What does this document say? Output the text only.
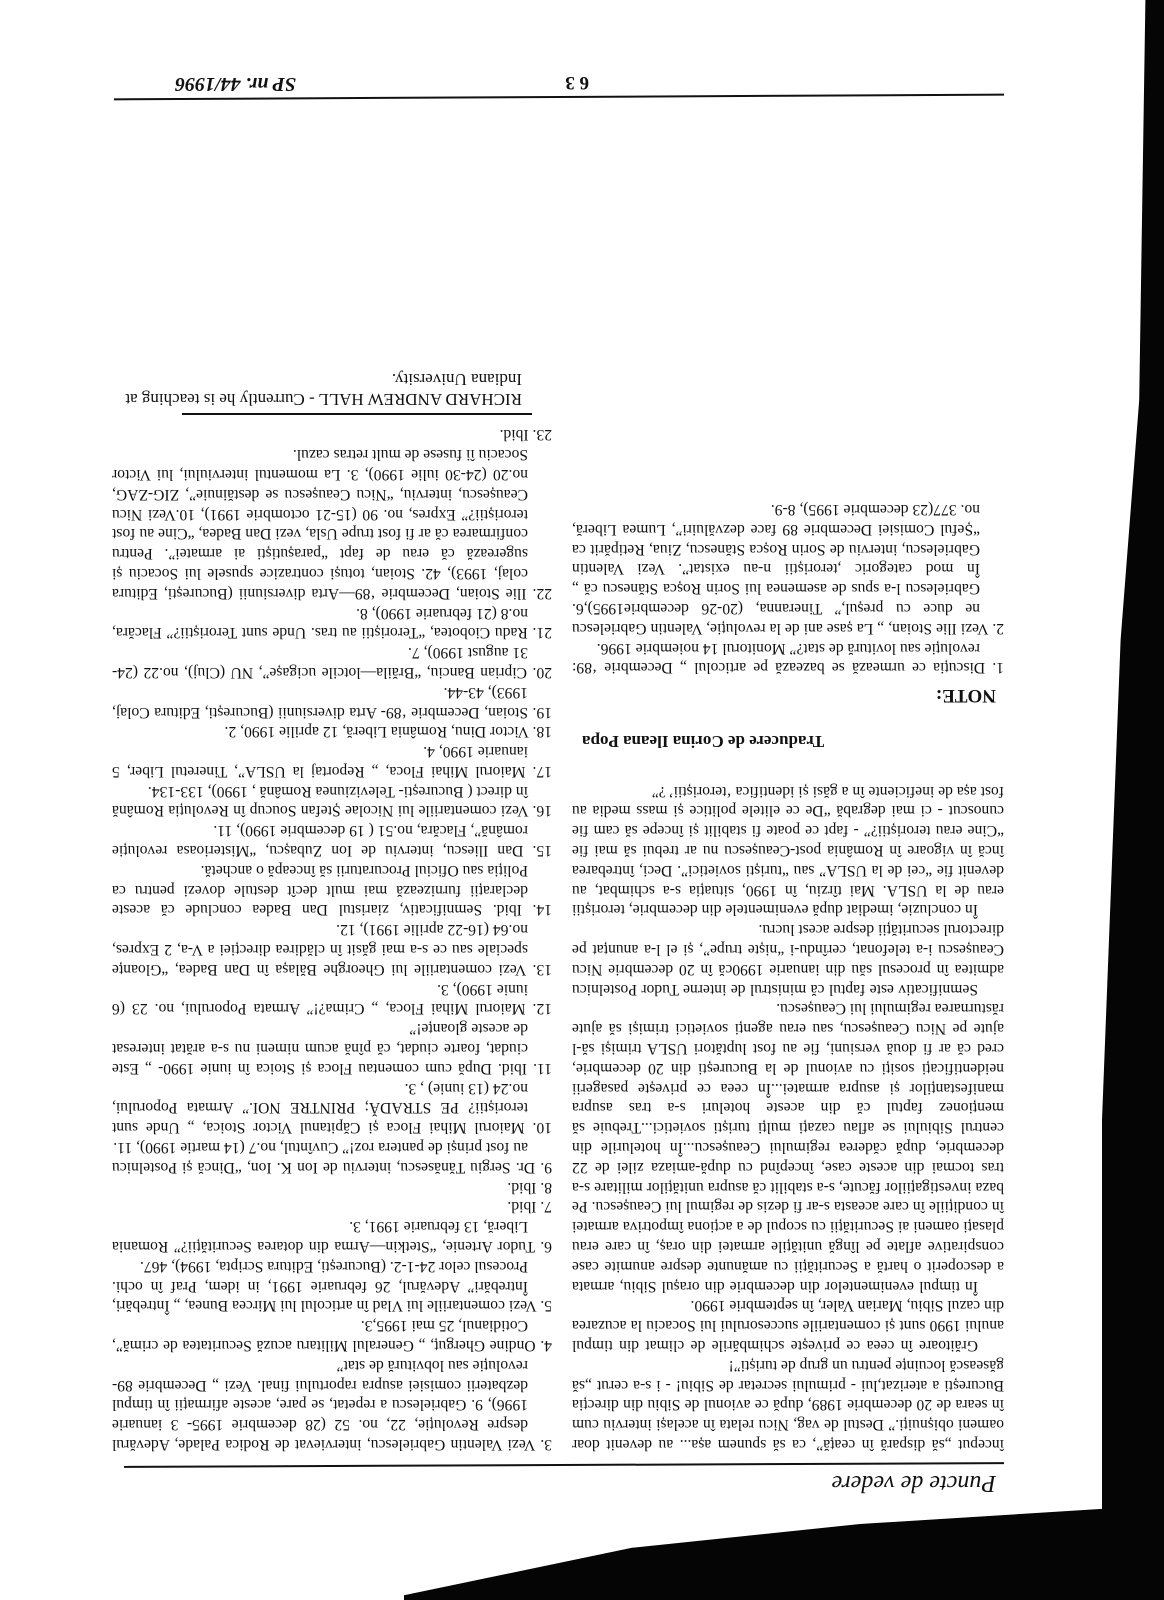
Puncte de vedere

început „să dispară în ceață”, ca să spunem așa... au devenit doar oameni obișnuiți.” Destul de vag, Nicu relata în același interviu cum în seara de 20 decembrie 1989, după ce avionul de Sibiu din direcția București a aterizat,lui - primului secretar de Sibiu! - i s-a cerut „să găsească locuințe pentru un grup de turiști”!

Grăitoare în ceea ce privește schimbările de climat din timpul anului 1990 sunt și comentariile succesorului lui Socaciu la acuzarea din cazul Sibiu, Marian Valer, în septembrie 1990.

În timpul evenimentelor din decembrie din orașul Sibiu, armata a descoperit o hartă a Securității cu amănunte despre anumite case conspirative aflate pe lîngă unitățile armatei din oraș, în care erau plasați oameni ai Securității cu scopul de a acționa împotriva armatei în condițiile în care aceasta s-ar fi dezis de regimul lui Ceaușescu. Pe baza investigațiilor făcute, s-a stabilit că asupra unităților militare s-a tras tocmai din aceste case, începînd cu după-amiaza zilei de 22 decembrie, după căderea regimului Ceaușescu...În hotelurile din centrul Sibiului se aflau cazați mulți turiști sovietici...Trebuie să menționez faptul că din aceste hoteluri s-a tras asupra manifestanților și asupra armatei...În ceea ce privește pasagerii neidentificați sosiți cu avionul de la București din 20 decembrie, cred că ar fi două versiuni, fie au fost luptători USLA trimiși să-l ajute pe Nicu Ceaușescu, sau erau agenți sovietici trimiși să ajute răsturnarea regimului lui Ceaușescu.

Semnificativ este faptul că ministrul de interne Tudor Postelnicu admitea în procesul său din ianuarie 1990că în 20 decembrie Nicu Ceaușescu i-a telefonat, cerîndu-i “niște trupe”, și el l-a anunțat pe directorul securității despre acest lucru.

În concluzie, imediat după evenimentele din decembrie, teroriștii erau de la USLA. Mai tîrziu, în 1990, situația s-a schimbat, au devenit fie “cei de la USLA” sau “turiști sovietici”. Deci, întrebarea încă în vigoare în România post-Ceaușescu nu ar trebui să mai fie “Cine erau teroriștii?” - fapt ce poate fi stabilit și începe să cam fie cunoscut - ci mai degrabă “De ce elitele politice și mass media au fost așa de ineficiente în a găsi și identifica ‘teroriștii’ ?”

Traducere de Corina Ileana Popa

NOTE:

1. Discuția ce urmează se bazează pe articolul „ Decembrie ‘89: revoluție sau lovitură de stat?” Monitorul 14 noiembrie 1996.

2. Vezi Ilie Stoian, „ La șase ani de la revoluție, Valentin Gabrielescu ne duce cu preșul,” Tineranna, (20-26 decembrie1995),6. Gabrielescu l-a spus de asemenea lui Sorin Roșca Stănescu că „ În mod categoric ,teroriștii n-au existat”. Vezi Valentin Gabrielescu, interviu de Sorin Roșca Stănescu, Ziua, Retipărit ca “Șeful Comisiei Decembrie 89 face dezvăluiri”, Lumea Liberă, no. 377(23 decembrie 1995), 8-9.

3. Vezi Valentin Gabrielescu, intervievat de Rodica Palade, Adevărul despre Revoluție, 22, no. 52 (28 decembrie 1995- 3 ianuarie 1996), 9. Gabrielescu a repetat, se pare, aceste afirmații în timpul dezbaterii comisiei asupra raportului final. Vezi „ Decembrie 89- revoluție sau lobvitură de stat”

4. Ondine Gherguț, „ Generalul Militaru acuză Securitatea de crimă”, Cotidianul, 25 mai 1995,3.

5. Vezi comentariile lui Vlad în articolul lui Mircea Bunea, „ Întrebări, Întrebări” Adevărul, 26 februarie 1991, in idem, Praf în ochi. Procesul celor 24-1-2. (București, Editura Scripta, 1994), 467.

6. Tudor Artenie, “Stetkin—Arma din dotarea Securității?” Romania Liberă, 13 februarie 1991, 3.

7. Ibid.

8. Ibid.

9. Dr. Sergiu Tănăsescu, interviu de Ion K. Ion, “Dincă și Postelnicu au fost prinși de pantera roz!” Cuvîntul, no.7 (14 martie 1990), 11.

10. Maiorul Mihai Floca și Căpitanul Victor Stoica, „ Unde sunt teroriștii? PE STRADĂ; PRINTRE NOI.” Armata Poporului, no.24 (13 iunie) , 3.

11. Ibid. După cum comentau Floca și Stoica în iunie 1990- „ Este ciudat, foarte ciudat, că pînă acum nimeni nu s-a arătat interesat de aceste gloanțe!”

12. Maiorul Mihai Floca, „ Crima?!” Armata Poporului, no. 23 (6 iunie 1990), 3.

13. Vezi comentariile lui Gheorghe Bălașa în Dan Badea, “Gloanțe speciale sau ce s-a mai găsit în clădirea direcției a V-a, 2 Expres, no.64 (16-22 aprilie 1991), 12.

14. Ibid. Semnificativ, ziaristul Dan Badea conclude că aceste declarații furnizează mai mult decît destule dovezi pentru ca Poliția sau Oficiul Procuraturii să înceapă o anchetă.

15. Dan Iliescu, interviu de Ion Zubașcu, “Misterioasa revoluție română”, Flacăra, no.51 ( 19 decembrie 1990), 11.

16. Vezi comentariile lui Nicolae Ștefan Soucup în Revoluția Română în direct ( București- Televiziunea Română , 1990), 133-134.

17. Maiorul Mihai Floca, „ Reportaj la USLA”, Tineretul Liber, 5 ianuarie 1990, 4.

18. Victor Dinu, România Liberă, 12 aprilie 1990, 2.

19. Stoian, Decembrie ‘89- Arta diversiunii (București, Editura Colaj, 1993), 43-44.

20. Ciprian Banciu, “Brăila—lotcile ucigașe”, NU (Cluj), no.22 (24-31 august 1990), 7.

21. Radu Ciobotea, “Teroriștii au tras. Unde sunt Teroriștii?” Flacăra, no.8 (21 februarie 1990), 8.

22. Ilie Stoian, Decembrie ‘89—Arta diversiunii (București, Editura colaj, 1993), 42. Stoian, totuși contrazice spusele lui Socaciu și sugerează că erau de fapt “parașutiști ai armatei”. Pentru confirmarea că ar fi fost trupe Usla, vezi Dan Badea, “Cine au fost teroriștii?” Expres, no. 90 (15-21 octombrie 1991), 10.Vezi Nicu Ceaușescu, interviu, “Nicu Ceaușescu se destăinuie”, ZIG-ZAG, no.20 (24-30 iulie 1990), 3. La momentul interviului, lui Victor Socaciu îi fusese de mult retras cazul.

23. Ibid.

RICHARD ANDREW HALL - Currently he is teaching at Indiana University.

6 3
SP nr. 44/1996
